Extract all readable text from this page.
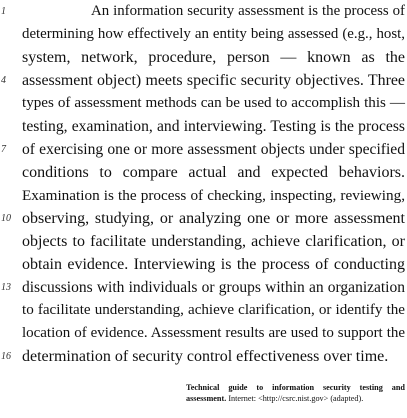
1	An information security assessment is the process of
determining how effectively an entity being assessed (e.g., host,
system, network, procedure, person — known as the
4	assessment object) meets specific security objectives. Three
types of assessment methods can be used to accomplish this —
testing, examination, and interviewing. Testing is the process
7	of exercising one or more assessment objects under specified
conditions to compare actual and expected behaviors.
Examination is the process of checking, inspecting, reviewing,
10 observing, studying, or analyzing one or more assessment
objects to facilitate understanding, achieve clarification, or
obtain evidence. Interviewing is the process of conducting
13 discussions with individuals or groups within an organization
to facilitate understanding, achieve clarification, or identify the
location of evidence. Assessment results are used to support the
16 determination of security control effectiveness over time.
Technical guide to information security testing and assessment. Internet: <http://csrc.nist.gov> (adapted).
